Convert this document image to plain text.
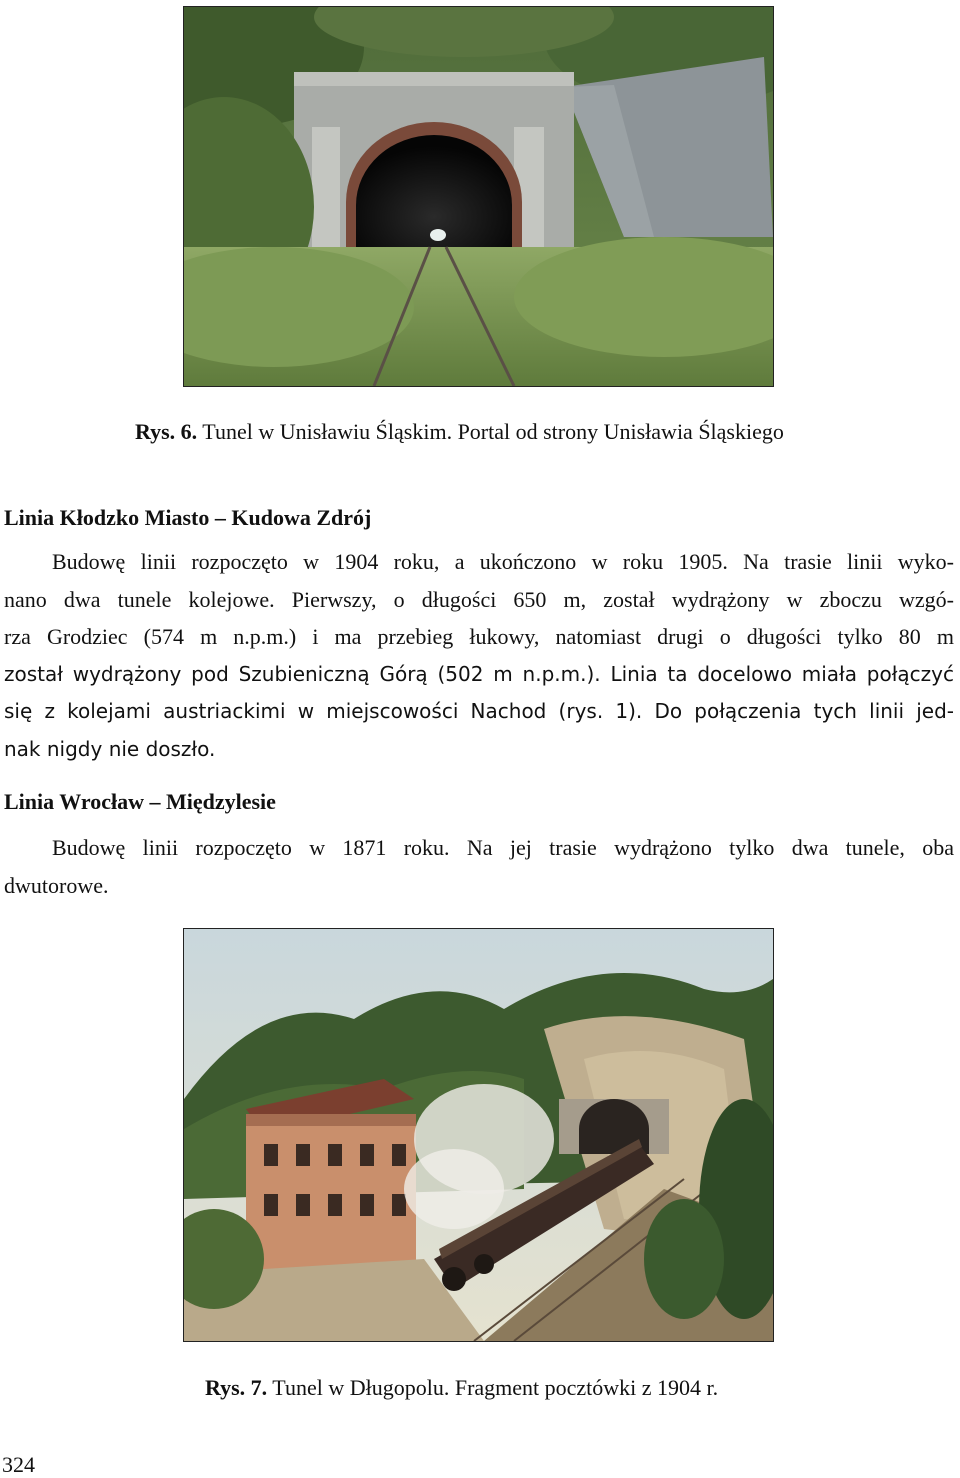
Rys. 6. Tunel w Unisławiu Śląskim. Portal od strony Unisławia Śląskiego
Linia Kłodzko Miasto – Kudowa Zdrój
Budowę linii rozpoczęto w 1904 roku, a ukończono w roku 1905. Na trasie linii wyko-
nano dwa tunele kolejowe. Pierwszy, o długości 650 m, został wydrążony w zboczu wzgó-
rza Grodziec (574 m n.p.m.) i ma przebieg łukowy, natomiast drugi o długości tylko 80 m
został wydrążony pod Szubieniczną Górą (502 m n.p.m.). Linia ta docelowo miała połączyć
się z kolejami austriackimi w miejscowości Nachod (rys. 1). Do połączenia tych linii jed-
nak nigdy nie doszło.
Linia Wrocław – Międzylesie
Budowę linii rozpoczęto w 1871 roku. Na jej trasie wydrążono tylko dwa tunele, oba
dwutorowe.
Rys. 7. Tunel w Długopolu. Fragment pocztówki z 1904 r.
324
